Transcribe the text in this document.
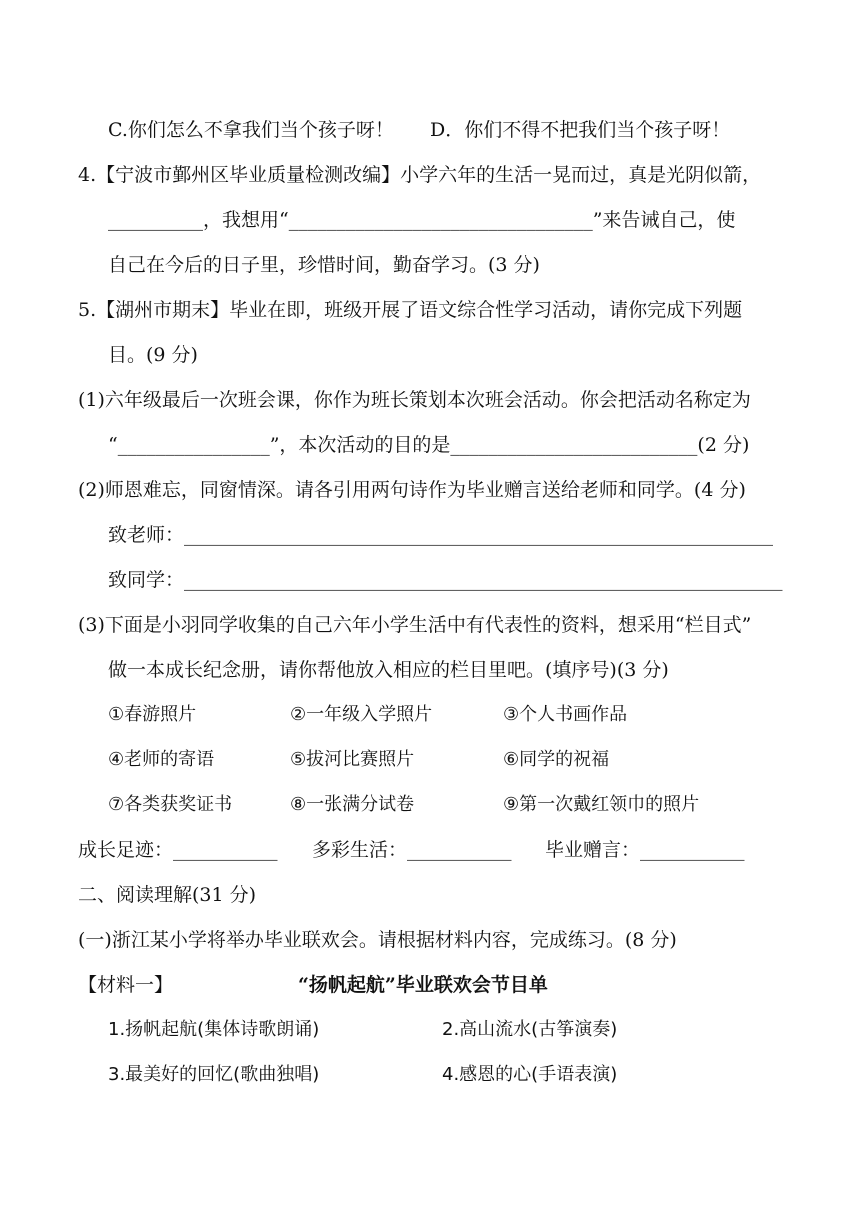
C.你们怎么不拿我们当个孩子呀！ D．你们不得不把我们当个孩子呀！
4.【宁波市鄞州区毕业质量检测改编】小学六年的生活一晃而过，真是光阴似箭，
__________，我想用“________________________________”来告诫自己，使
自己在今后的日子里，珍惜时间，勤奋学习。(3 分)
5.【湖州市期末】毕业在即，班级开展了语文综合性学习活动，请你完成下列题
目。(9 分)
(1)六年级最后一次班会课，你作为班长策划本次班会活动。你会把活动名称定为
“________________”，本次活动的目的是__________________________(2 分)
(2)师恩难忘，同窗情深。请各引用两句诗作为毕业赠言送给老师和同学。(4 分)
致老师：______________________________________________________________
致同学：_______________________________________________________________
(3)下面是小羽同学收集的自己六年小学生活中有代表性的资料，想采用“栏目式”
做一本成长纪念册，请你帮他放入相应的栏目里吧。(填序号)(3 分)
①春游照片	②一年级入学照片	③个人书画作品
④老师的寄语	⑤拔河比赛照片	⑥同学的祝福
⑦各类获奖证书	⑧一张满分试卷	⑨第一次戴红领巾的照片
成长足迹：___________ 多彩生活：___________ 毕业赠言：___________
二、阅读理解(31 分)
(一)浙江某小学将举办毕业联欢会。请根据材料内容，完成练习。(8 分)
【材料一】	“扬帆起航”毕业联欢会节目单
1.扬帆起航(集体诗歌朗诵)	2.高山流水(古筝演奏)
3.最美好的回忆(歌曲独唱)	4.感恩的心(手语表演)
